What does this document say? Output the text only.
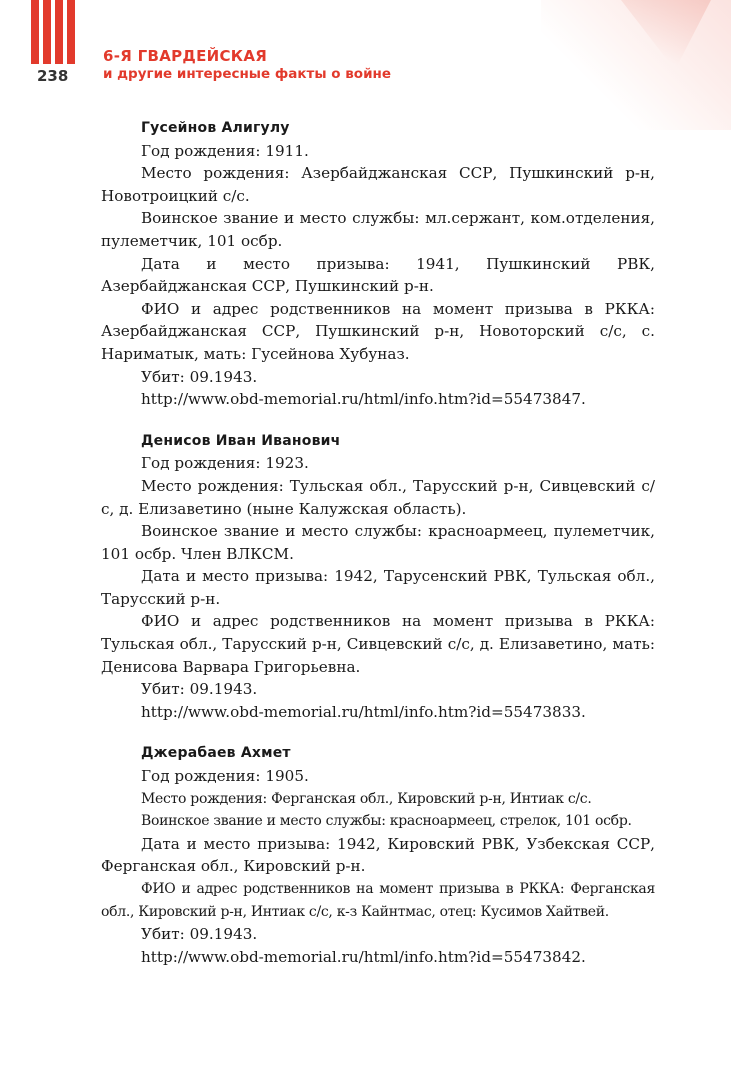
238
6-Я ГВАРДЕЙСКАЯ
и другие интересные факты о войне
Гусейнов Алигулу

Год рождения: 1911.

Место рождения: Азербайджанская ССР, Пушкинский р-н, Новотроицкий с/с.

Воинское звание и место службы: мл.сержант, ком.отделения, пулеметчик, 101 осбр.

Дата и место призыва: 1941, Пушкинский РВК, Азербайджанская ССР, Пушкинский р-н.

ФИО и адрес родственников на момент призыва в РККА: Азербайджанская ССР, Пушкинский р-н, Новоторский с/с, с. Нариматык, мать: Гусейнова Хубуназ.

Убит: 09.1943.

http://www.obd-memorial.ru/html/info.htm?id=55473847.

Денисов Иван Иванович

Год рождения: 1923.

Место рождения: Тульская обл., Тарусский р-н, Сивцевский с/с, д. Елизаветино (ныне Калужская область).

Воинское звание и место службы: красноармеец, пулеметчик, 101 осбр. Член ВЛКСМ.

Дата и место призыва: 1942, Тарусенский РВК, Тульская обл., Тарусский р-н.

ФИО и адрес родственников на момент призыва в РККА: Тульская обл., Тарусский р-н, Сивцевский с/с, д. Елизаветино, мать: Денисова Варвара Григорьевна.

Убит: 09.1943.

http://www.obd-memorial.ru/html/info.htm?id=55473833.

Джерабаев Ахмет

Год рождения: 1905.

Место рождения: Ферганская обл., Кировский р-н, Интиак с/с.

Воинское звание и место службы: красноармеец, стрелок, 101 осбр.

Дата и место призыва: 1942, Кировский РВК, Узбекская ССР, Ферганская обл., Кировский р-н.

ФИО и адрес родственников на момент призыва в РККА: Ферганская обл., Кировский р-н, Интиак с/с, к-з Кайнтмас, отец: Кусимов Хайтвей.

Убит: 09.1943.

http://www.obd-memorial.ru/html/info.htm?id=55473842.
